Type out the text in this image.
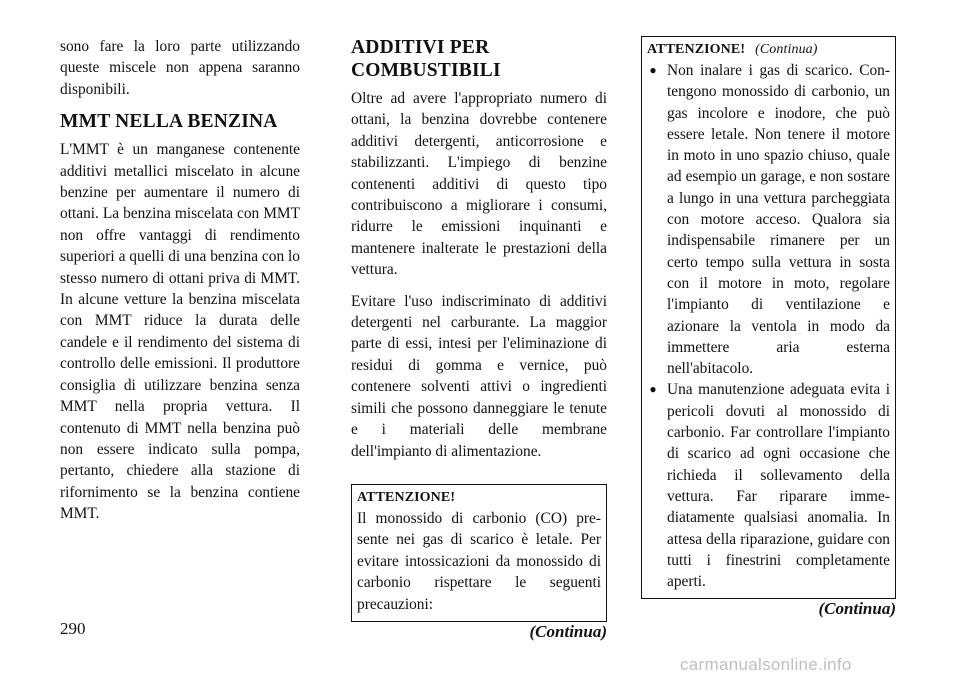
sono fare la loro parte utilizzando queste miscele non appena saranno disponibili.

MMT NELLA BENZINA

L'MMT è un manganese contenente additivi metallici miscelato in alcune benzine per aumentare il numero di ottani. La benzina miscelata con MMT non offre vantaggi di rendimento superiori a quelli di una benzina con lo stesso numero di ottani priva di MMT. In alcune vetture la benzina miscelata con MMT riduce la durata delle candele e il rendimento del sistema di controllo delle emissioni. Il produttore consiglia di utilizzare benzina senza MMT nella propria vettura. Il contenuto di MMT nella benzina può non essere indicato sulla pompa, pertanto, chiedere alla stazione di rifornimento se la benzina contiene MMT.

ADDITIVI PER
COMBUSTIBILI

Oltre ad avere l'appropriato numero di ottani, la benzina dovrebbe contenere additivi detergenti, anticorrosione e stabilizzanti. L'impiego di benzine contenenti additivi di questo tipo contribuiscono a migliorare i consumi, ridurre le emissioni inquinanti e mantenere inalterate le prestazioni della vettura.

Evitare l'uso indiscriminato di additivi detergenti nel carburante. La maggior parte di essi, intesi per l'eliminazione di residui di gomma e vernice, può contenere solventi attivi o ingredienti simili che possono danneggiare le tenute e i materiali delle membrane dell'impianto di alimentazione.

ATTENZIONE!

Il monossido di carbonio (CO) presente nei gas di scarico è letale. Per evitare intossicazioni da monossido di carbonio rispettare le seguenti precauzioni:

(Continua)
ATTENZIONE! (Continua)
● Non inalare i gas di scarico. Contengono monossido di carbonio, un gas incolore e inodore, che può essere letale. Non tenere il motore in moto in uno spazio chiuso, quale ad esempio un garage, e non sostare a lungo in una vettura parcheggiata con motore acceso. Qualora sia indispensabile rimanere per un certo tempo sulla vettura in sosta con il motore in moto, regolare l'impianto di ventilazione e azionare la ventola in modo da immettere aria esterna nell'abitacolo.
● Una manutenzione adeguata evita i pericoli dovuti al monossido di carbonio. Far controllare l'impianto di scarico ad ogni occasione che richieda il sollevamento della vettura. Far riparare immediatamente qualsiasi anomalia. In attesa della riparazione, guidare con tutti i finestrini completamente aperti.
(Continua)
290
carmanualsonline.info
